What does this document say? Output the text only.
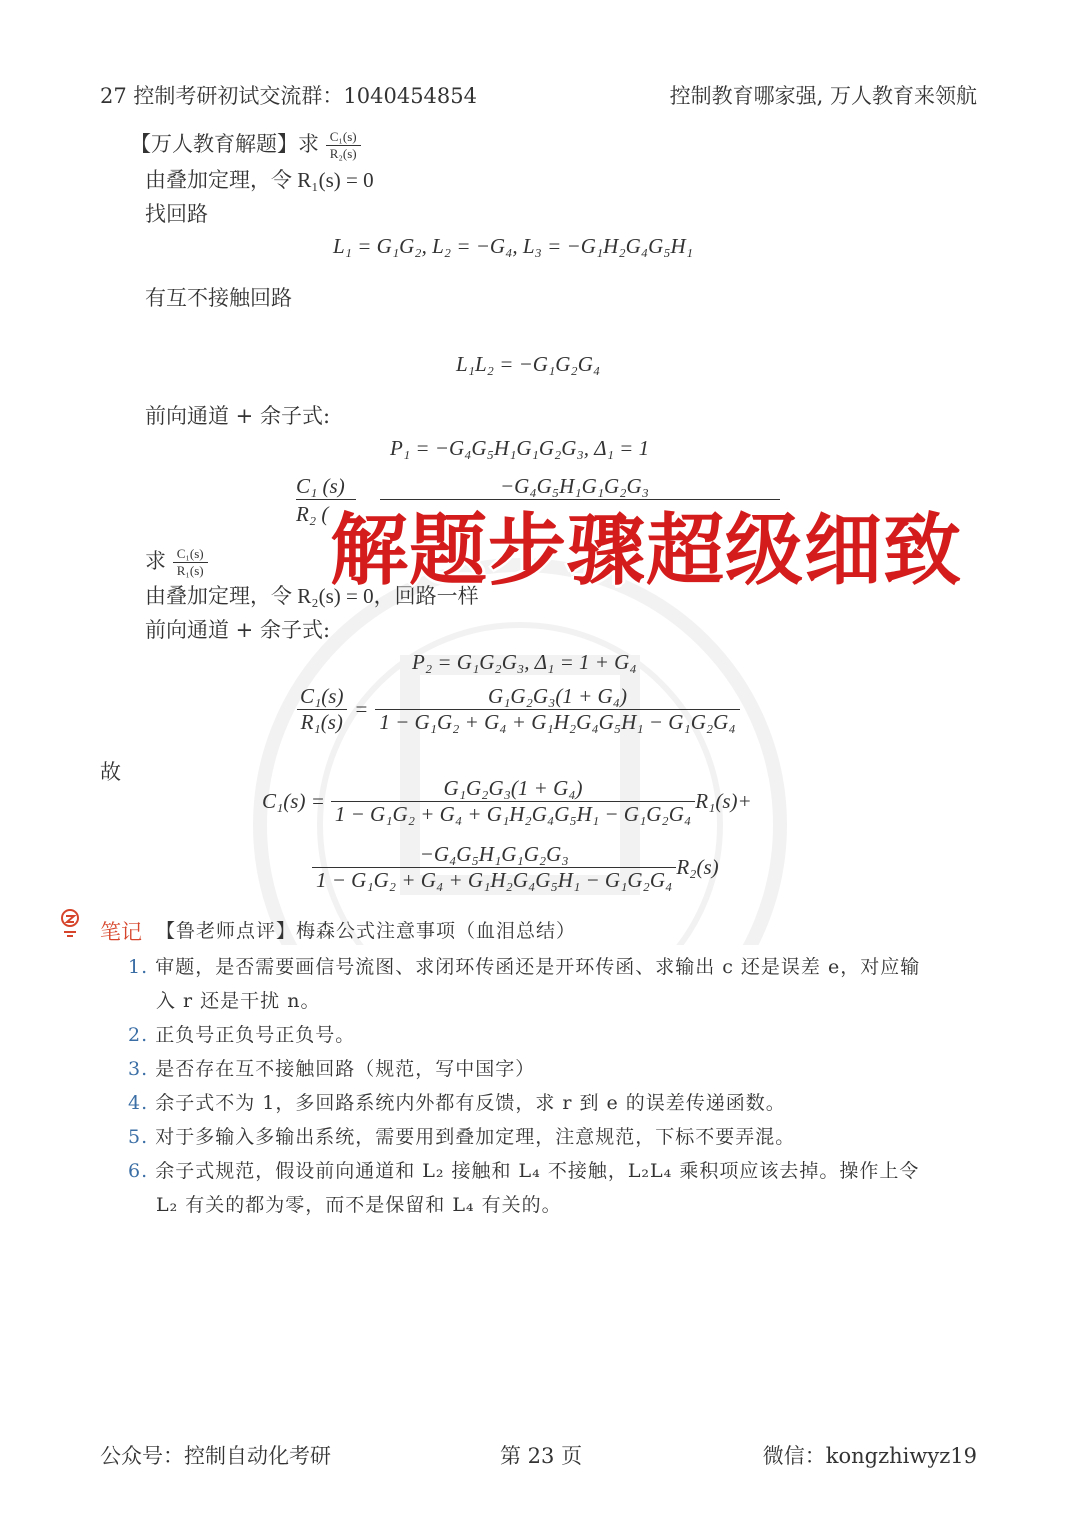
27 控制考研初试交流群：1040454854	控制教育哪家强, 万人教育来领航
【万人教育解题】求 $\frac{\text{C₁(s)}}{\text{R₂(s)}}$
由叠加定理，令 R₁(s) = 0
找回路
L₁ = G₁G₂, L₂ = −G₄, L₃ = −G₁H₂G₄G₅H₁
有互不接触回路
L₁L₂ = −G₁G₂G₄
前向通道 + 余子式:
P₁ = −G₄G₅H₁G₁G₂G₃, Δ₁ = 1
C₁ (s)
R₂ (
−G₄G₅H₁G₁G₂G₃
求 $\frac{\text{C₁(s)}}{\text{R₁(s)}}$
由叠加定理，令 R₂(s) = 0，回路一样
解题步骤超级细致
前向通道 + 余子式:
P₂ = G₁G₂G₃, Δ₁ = 1 + G₄
$\frac{\text{C₁(s)}}{\text{R₁(s)}} = \frac{\text{G₁G₂G₃(1 + G₄)}}{\text{1 − G₁G₂ + G₄ + G₁H₂G₄G₅H₁ − G₁G₂G₄}}$
故
$C_1(s) = \frac{\text{G₁G₂G₃(1 + G₄)}}{\text{1 − G₁G₂ + G₄ + G₁H₂G₄G₅H₁ − G₁G₂G₄}} R_1(s)+$
$\frac{\text{−G₄G₅H₁G₁G₂G₃}}{\text{1 − G₁G₂ + G₄ + G₁H₂G₄G₅H₁ − G₁G₂G₄}} R_2(s)$
笔记 【鲁老师点评】梅森公式注意事项（血泪总结）
1. 审题，是否需要画信号流图、求闭环传函还是开环传函、求输出 c 还是误差 e，对应输
入 r 还是干扰 n。
2. 正负号正负号正负号。
3. 是否存在互不接触回路（规范，写中国字）
4. 余子式不为 1，多回路系统内外都有反馈，求 r 到 e 的误差传递函数。
5. 对于多输入多输出系统，需要用到叠加定理，注意规范，下标不要弄混。
6. 余子式规范，假设前向通道和 L₂ 接触和 L₄ 不接触，L₂L₄ 乘积项应该去掉。操作上令
L₂ 有关的都为零，而不是保留和 L₄ 有关的。
公众号：控制自动化考研	第 23 页	微信：kongzhiwyz19
